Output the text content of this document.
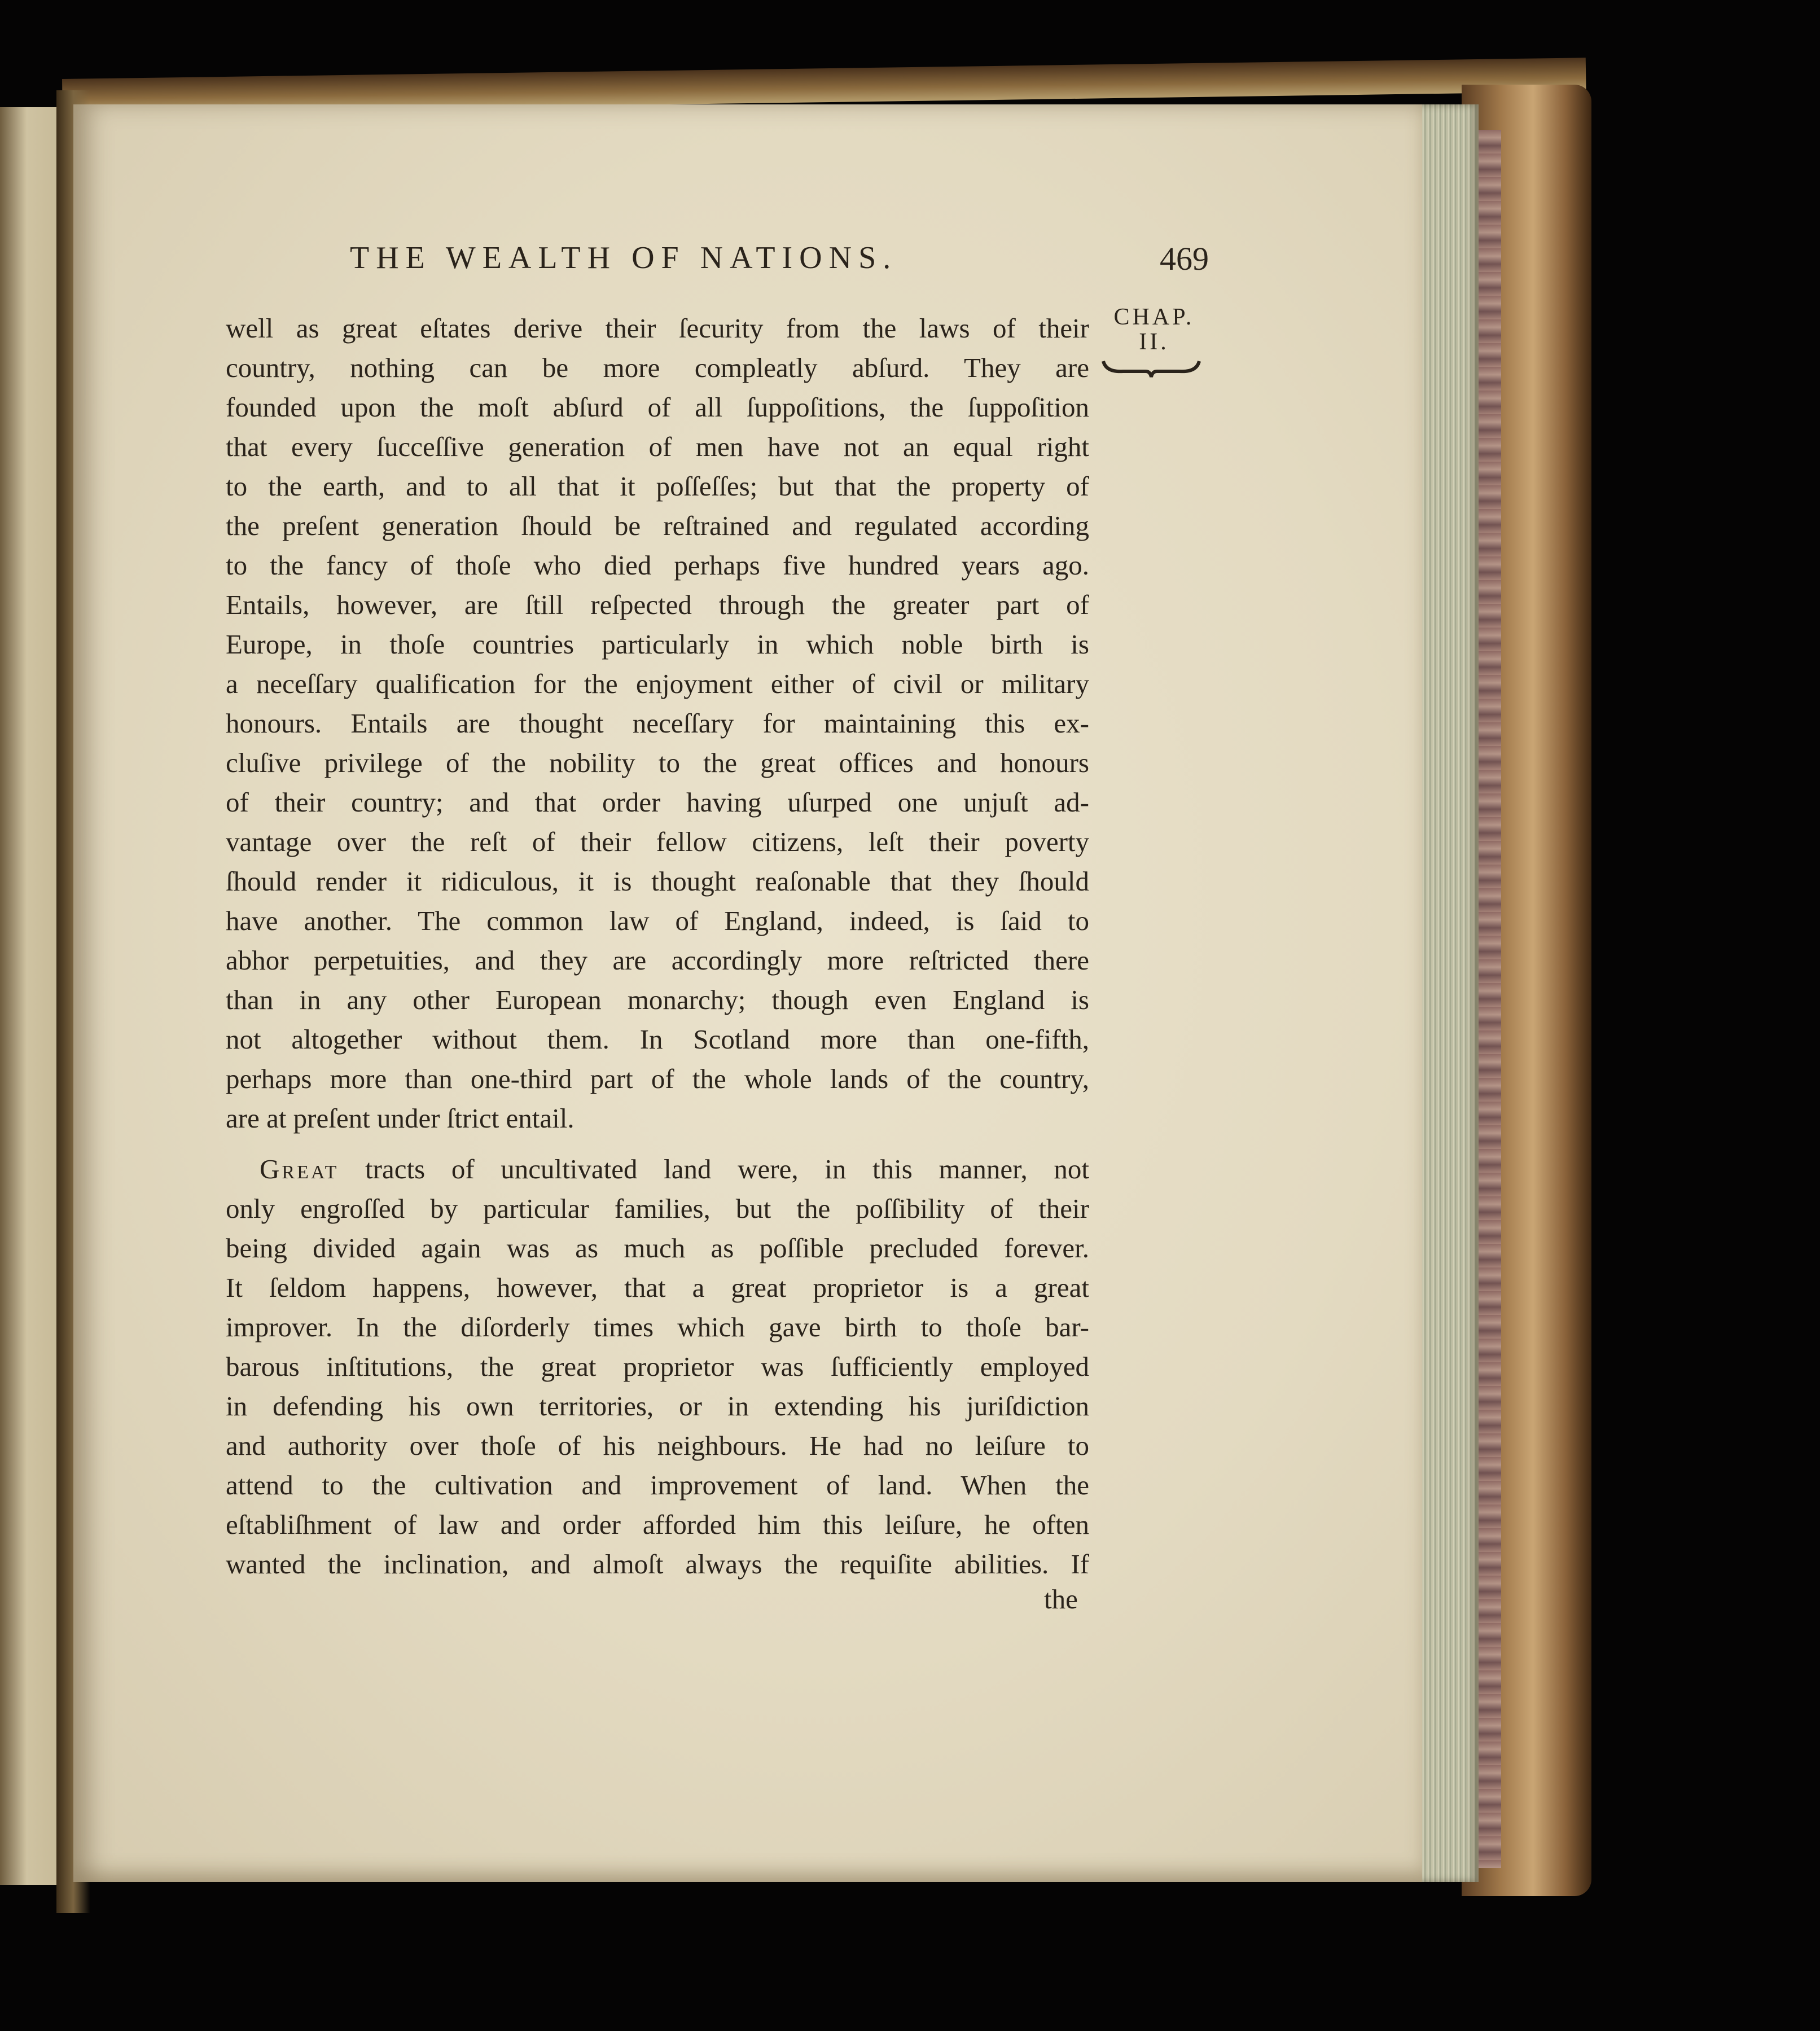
THE WEALTH OF NATIONS.	469
CHAP.
II.
well as great eſtates derive their ſecurity from the laws of their
country, nothing can be more compleatly abſurd. They are
founded upon the moſt abſurd of all ſuppoſitions, the ſuppoſition
that every ſucceſſive generation of men have not an equal right
to the earth, and to all that it poſſeſſes; but that the property of
the preſent generation ſhould be reſtrained and regulated according
to the fancy of thoſe who died perhaps five hundred years ago.
Entails, however, are ſtill reſpected through the greater part of
Europe, in thoſe countries particularly in which noble birth is
a neceſſary qualification for the enjoyment either of civil or military
honours. Entails are thought neceſſary for maintaining this ex-
cluſive privilege of the nobility to the great offices and honours
of their country; and that order having uſurped one unjuſt ad-
vantage over the reſt of their fellow citizens, leſt their poverty
ſhould render it ridiculous, it is thought reaſonable that they ſhould
have another. The common law of England, indeed, is ſaid to
abhor perpetuities, and they are accordingly more reſtricted there
than in any other European monarchy; though even England is
not altogether without them. In Scotland more than one-fifth,
perhaps more than one-third part of the whole lands of the country,
are at preſent under ſtrict entail.
Great tracts of uncultivated land were, in this manner, not
only engroſſed by particular families, but the poſſibility of their
being divided again was as much as poſſible precluded forever.
It ſeldom happens, however, that a great proprietor is a great
improver. In the diſorderly times which gave birth to thoſe bar-
barous inſtitutions, the great proprietor was ſufficiently employed
in defending his own territories, or in extending his juriſdiction
and authority over thoſe of his neighbours. He had no leiſure to
attend to the cultivation and improvement of land. When the
eſtabliſhment of law and order afforded him this leiſure, he often
wanted the inclination, and almoſt always the requiſite abilities. If
the
